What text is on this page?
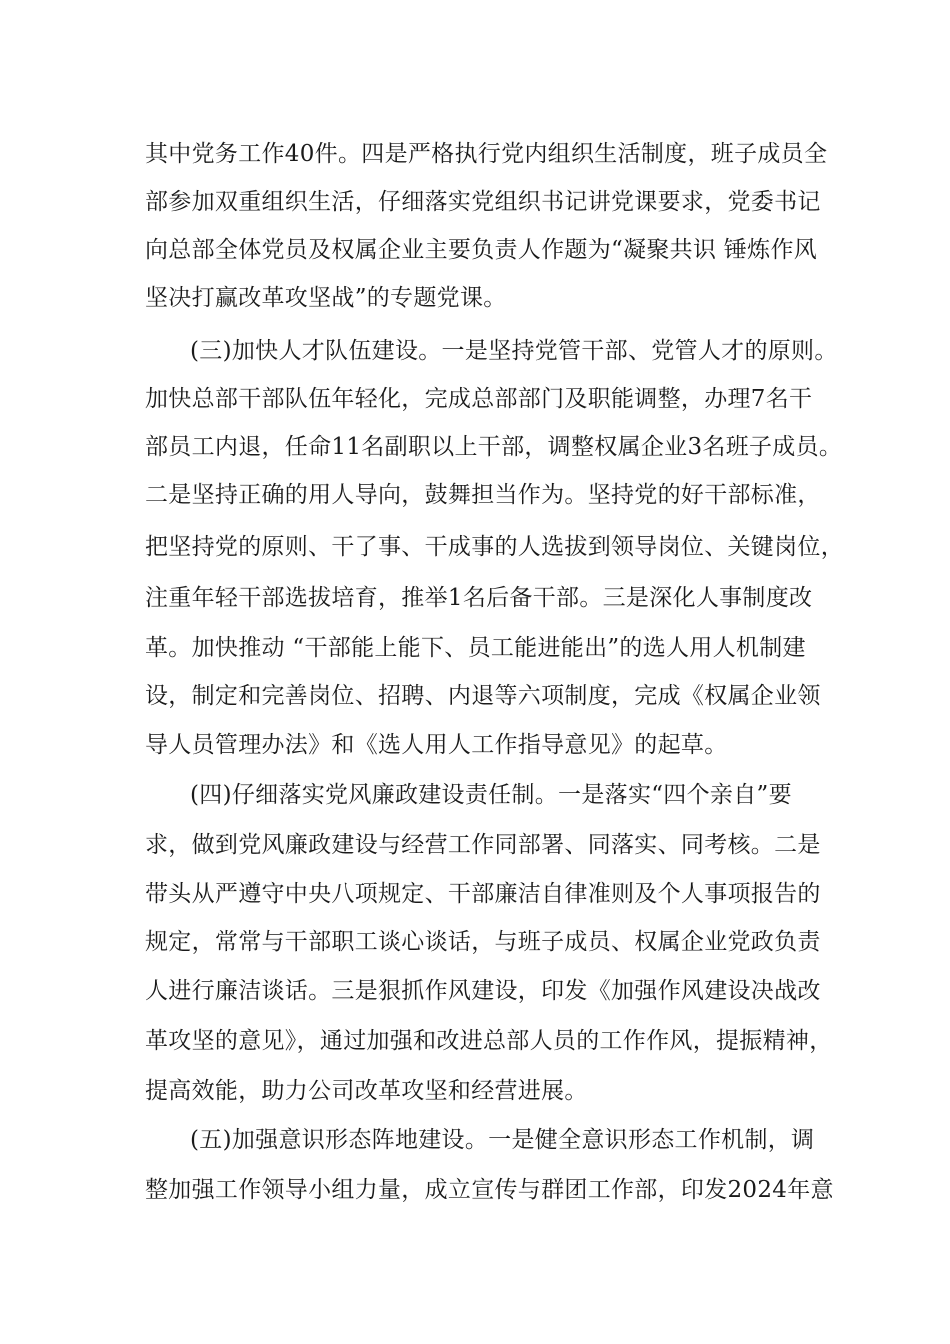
其中党务工作40件。四是严格执行党内组织生活制度，班子成员全
部参加双重组织生活，仔细落实党组织书记讲党课要求，党委书记
向总部全体党员及权属企业主要负责人作题为“凝聚共识 锤炼作风
坚决打赢改革攻坚战”的专题党课。
(三)加快人才队伍建设。一是坚持党管干部、党管人才的原则。
加快总部干部队伍年轻化，完成总部部门及职能调整，办理7名干
部员工内退，任命11名副职以上干部，调整权属企业3名班子成员。
二是坚持正确的用人导向，鼓舞担当作为。坚持党的好干部标准，
把坚持党的原则、干了事、干成事的人选拔到领导岗位、关键岗位，
注重年轻干部选拔培育，推举1名后备干部。三是深化人事制度改
革。加快推动 “干部能上能下、员工能进能出”的选人用人机制建
设，制定和完善岗位、招聘、内退等六项制度，完成《权属企业领
导人员管理办法》和《选人用人工作指导意见》的起草。
(四)仔细落实党风廉政建设责任制。一是落实“四个亲自”要
求，做到党风廉政建设与经营工作同部署、同落实、同考核。二是
带头从严遵守中央八项规定、干部廉洁自律准则及个人事项报告的
规定，常常与干部职工谈心谈话，与班子成员、权属企业党政负责
人进行廉洁谈话。三是狠抓作风建设，印发《加强作风建设决战改
革攻坚的意见》，通过加强和改进总部人员的工作作风，提振精神，
提高效能，助力公司改革攻坚和经营进展。
(五)加强意识形态阵地建设。一是健全意识形态工作机制，调
整加强工作领导小组力量，成立宣传与群团工作部，印发2024年意
